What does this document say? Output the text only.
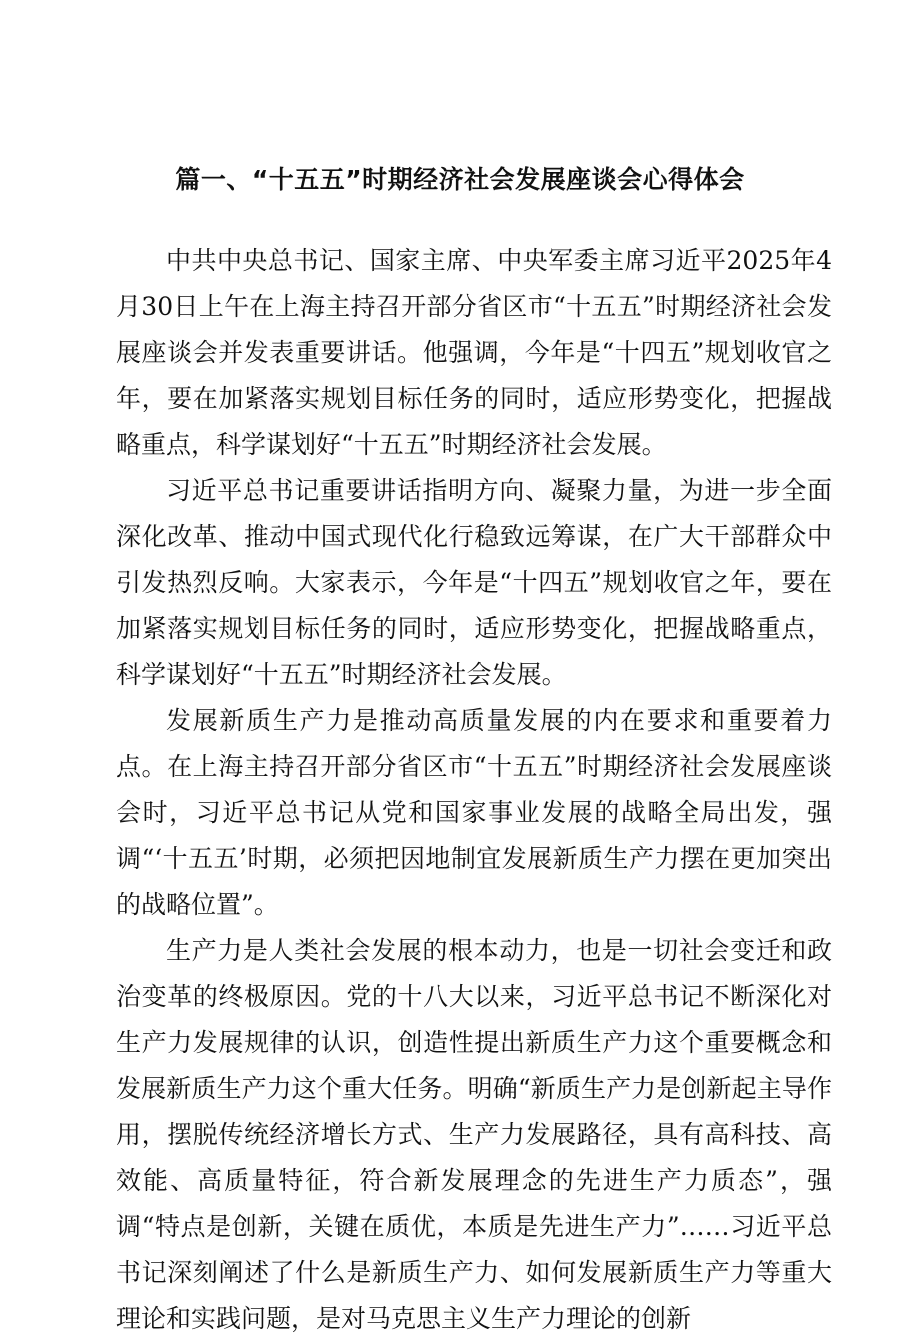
篇一、“十五五”时期经济社会发展座谈会心得体会

中共中央总书记、国家主席、中央军委主席习近平2025年4月30日上午在上海主持召开部分省区市“十五五”时期经济社会发展座谈会并发表重要讲话。他强调，今年是“十四五”规划收官之年，要在加紧落实规划目标任务的同时，适应形势变化，把握战略重点，科学谋划好“十五五”时期经济社会发展。

习近平总书记重要讲话指明方向、凝聚力量，为进一步全面深化改革、推动中国式现代化行稳致远筹谋，在广大干部群众中引发热烈反响。大家表示，今年是“十四五”规划收官之年，要在加紧落实规划目标任务的同时，适应形势变化，把握战略重点，科学谋划好“十五五”时期经济社会发展。

发展新质生产力是推动高质量发展的内在要求和重要着力点。在上海主持召开部分省区市“十五五”时期经济社会发展座谈会时，习近平总书记从党和国家事业发展的战略全局出发，强调“‘十五五’时期，必须把因地制宜发展新质生产力摆在更加突出的战略位置”。

生产力是人类社会发展的根本动力，也是一切社会变迁和政治变革的终极原因。党的十八大以来，习近平总书记不断深化对生产力发展规律的认识，创造性提出新质生产力这个重要概念和发展新质生产力这个重大任务。明确“新质生产力是创新起主导作用，摆脱传统经济增长方式、生产力发展路径，具有高科技、高效能、高质量特征，符合新发展理念的先进生产力质态”，强调“特点是创新，关键在质优，本质是先进生产力”……习近平总书记深刻阐述了什么是新质生产力、如何发展新质生产力等重大理论和实践问题，是对马克思主义生产力理论的创新
